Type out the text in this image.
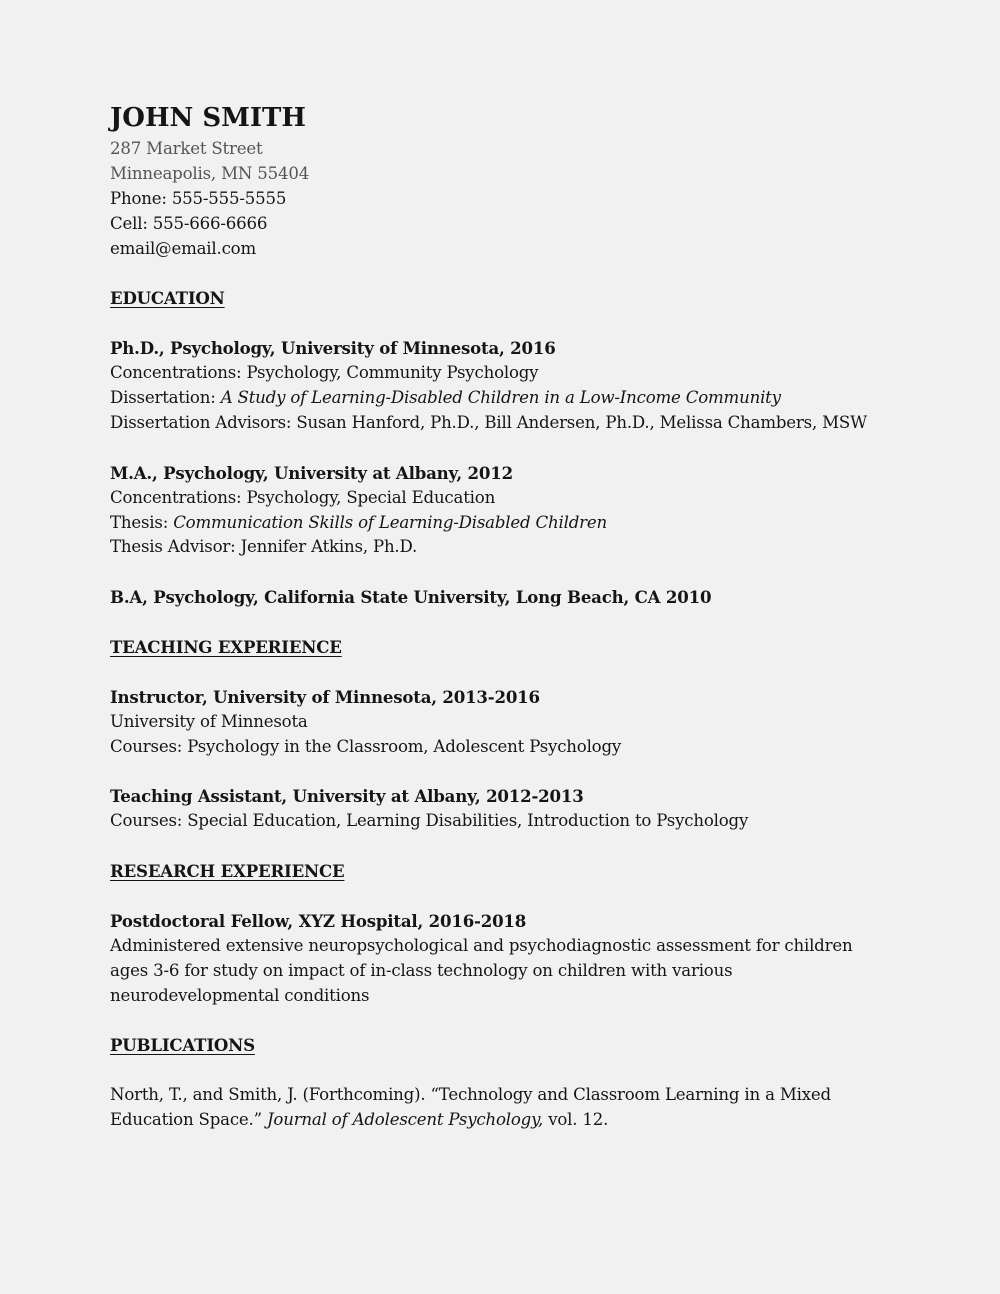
JOHN SMITH
287 Market Street
Minneapolis, MN 55404
Phone: 555-555-5555
Cell: 555-666-6666
email@email.com
EDUCATION
Ph.D., Psychology, University of Minnesota, 2016
Concentrations: Psychology, Community Psychology
Dissertation: A Study of Learning-Disabled Children in a Low-Income Community
Dissertation Advisors: Susan Hanford, Ph.D., Bill Andersen, Ph.D., Melissa Chambers, MSW
M.A., Psychology, University at Albany, 2012
Concentrations: Psychology, Special Education
Thesis: Communication Skills of Learning-Disabled Children
Thesis Advisor: Jennifer Atkins, Ph.D.
B.A, Psychology, California State University, Long Beach, CA 2010
TEACHING EXPERIENCE
Instructor, University of Minnesota, 2013-2016
University of Minnesota
Courses: Psychology in the Classroom, Adolescent Psychology
Teaching Assistant, University at Albany, 2012-2013
Courses: Special Education, Learning Disabilities, Introduction to Psychology
RESEARCH EXPERIENCE
Postdoctoral Fellow, XYZ Hospital, 2016-2018
Administered extensive neuropsychological and psychodiagnostic assessment for children
ages 3-6 for study on impact of in-class technology on children with various
neurodevelopmental conditions
PUBLICATIONS
North, T., and Smith, J. (Forthcoming). “Technology and Classroom Learning in a Mixed
Education Space.” Journal of Adolescent Psychology, vol. 12.
